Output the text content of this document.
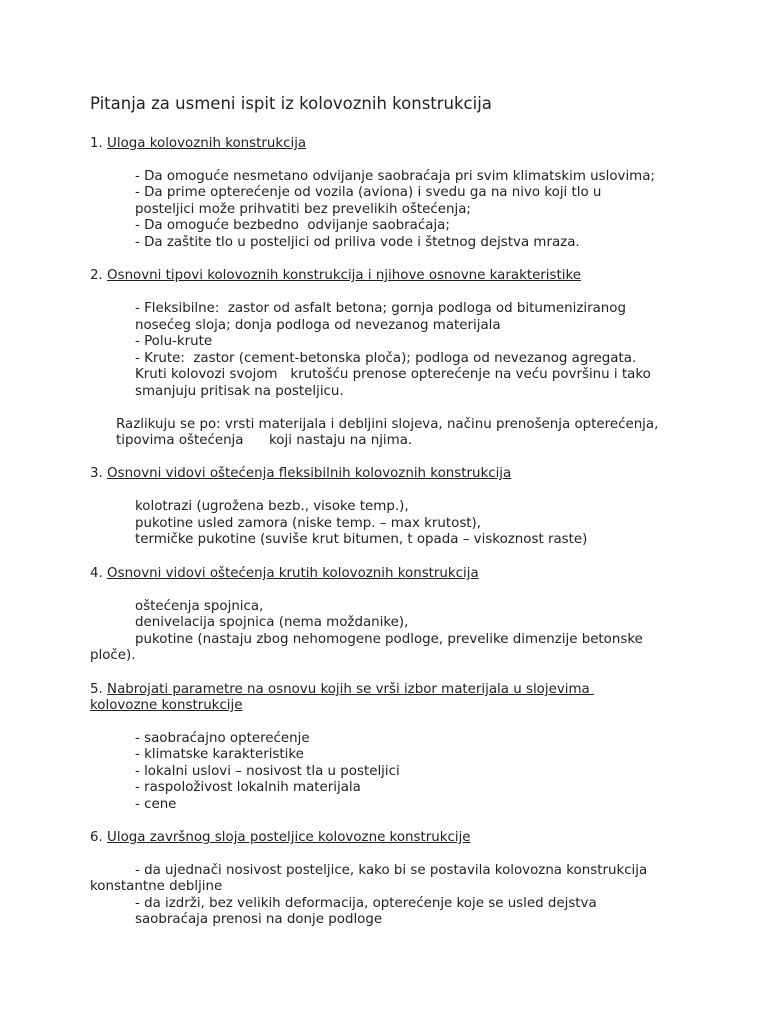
Pitanja za usmeni ispit iz kolovoznih konstrukcija
1. Uloga kolovoznih konstrukcija
- Da omoguće nesmetano odvijanje saobraćaja pri svim klimatskim uslovima;
- Da prime opterećenje od vozila (aviona) i svedu ga na nivo koji tlo u
posteljici može prihvatiti bez prevelikih oštećenja;
- Da omoguće bezbedno  odvijanje saobraćaja;
- Da zaštite tlo u posteljici od priliva vode i štetnog dejstva mraza.
2. Osnovni tipovi kolovoznih konstrukcija i njihove osnovne karakteristike
- Fleksibilne:  zastor od asfalt betona; gornja podloga od bitumeniziranog
nosećeg sloja; donja podloga od nevezanog materijala
- Polu-krute
- Krute:  zastor (cement-betonska ploča); podloga od nevezanog agregata.
Kruti kolovozi svojom   krutošću prenose opterećenje na veću površinu i tako
smanjuju pritisak na posteljicu.
Razlikuju se po: vrsti materijala i debljini slojeva, načinu prenošenja opterećenja,
tipovima oštećenja      koji nastaju na njima.
3. Osnovni vidovi oštećenja fleksibilnih kolovoznih konstrukcija
kolotrazi (ugrožena bezb., visoke temp.),
pukotine usled zamora (niske temp. – max krutost),
termičke pukotine (suviše krut bitumen, t opada – viskoznost raste)
4. Osnovni vidovi oštećenja krutih kolovoznih konstrukcija
oštećenja spojnica,
denivelacija spojnica (nema moždanike),
pukotine (nastaju zbog nehomogene podloge, prevelike dimenzije betonske
ploče).
5. Nabrojati parametre na osnovu kojih se vrši izbor materijala u slojevima
kolovozne konstrukcije
- saobraćajno opterećenje
- klimatske karakteristike
- lokalni uslovi – nosivost tla u posteljici
- raspoloživost lokalnih materijala
- cene
6. Uloga završnog sloja posteljice kolovozne konstrukcije
- da ujednači nosivost posteljice, kako bi se postavila kolovozna konstrukcija
konstantne debljine
- da izdrži, bez velikih deformacija, opterećenje koje se usled dejstva
saobraćaja prenosi na donje podloge
